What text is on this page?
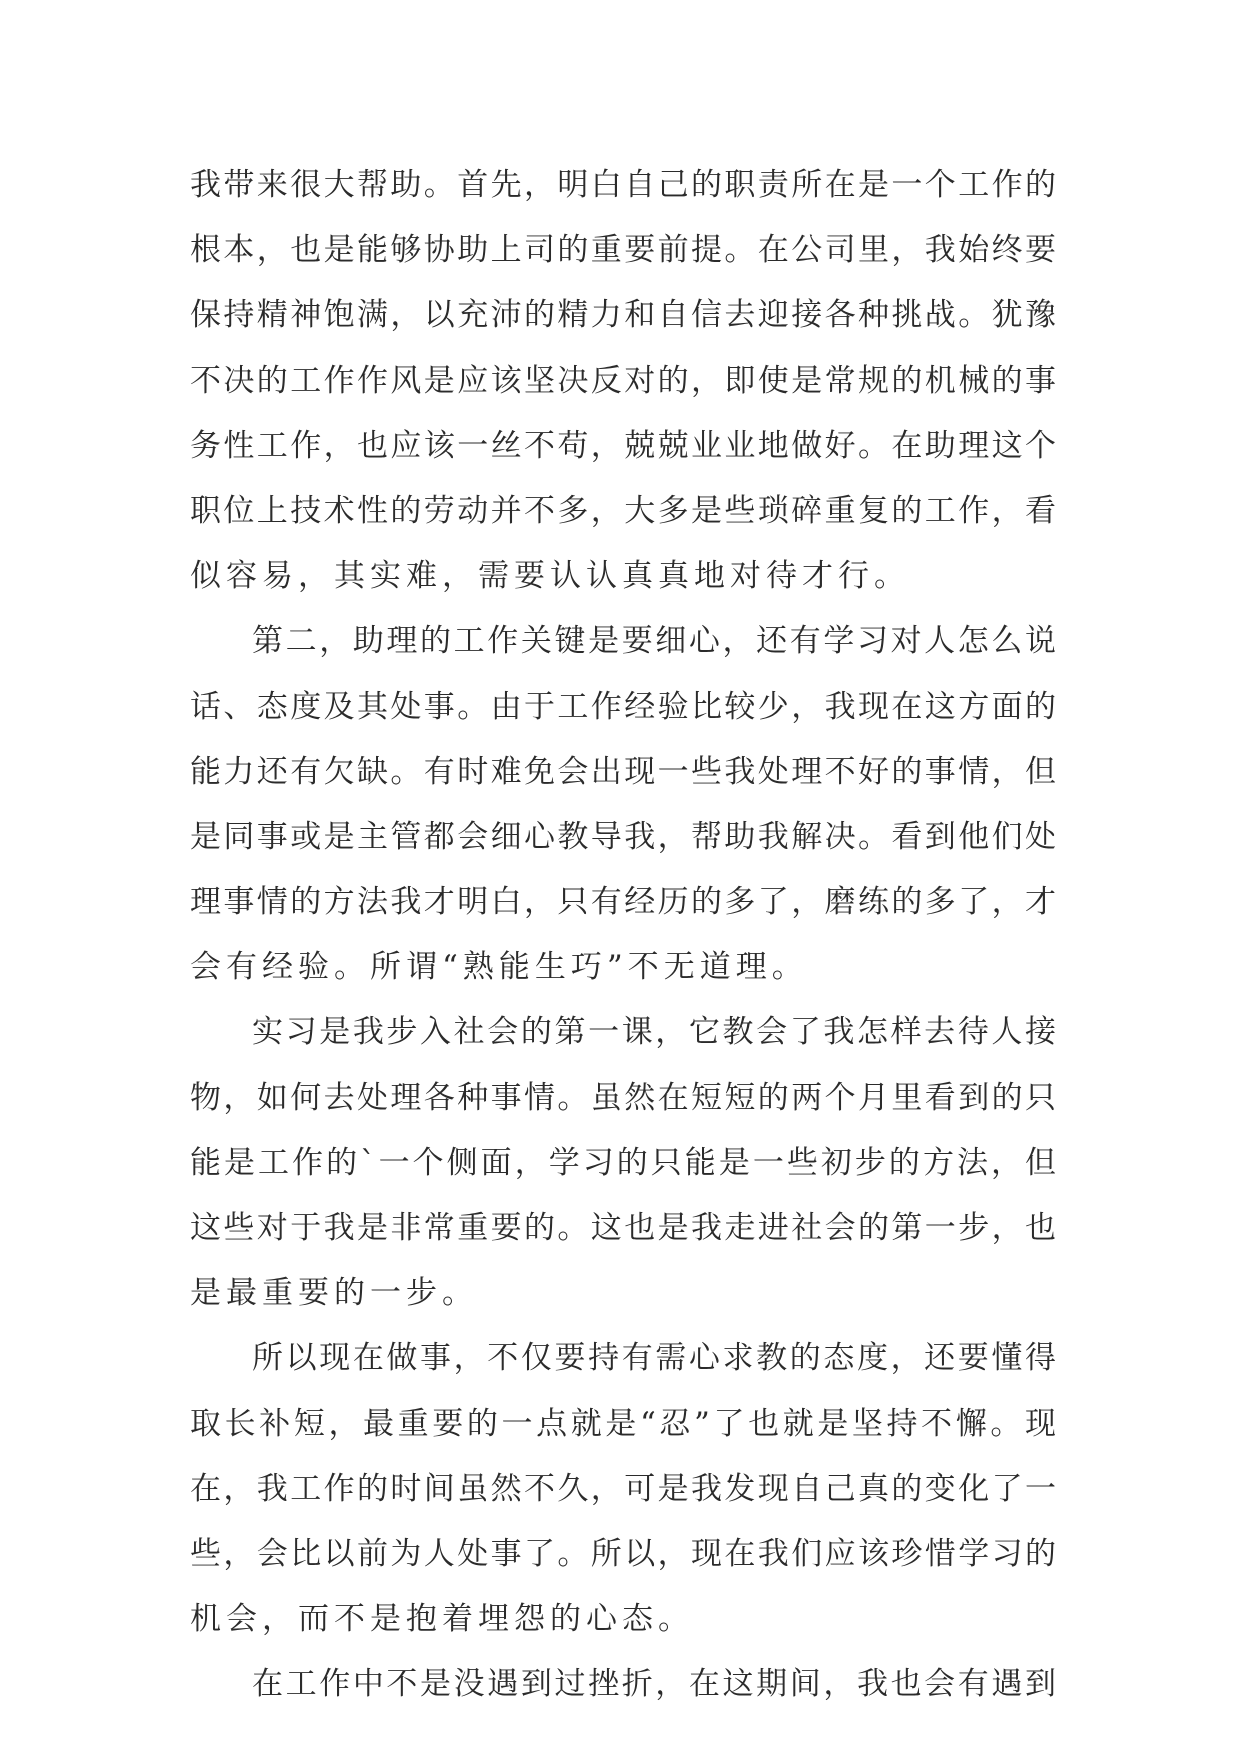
我带来很大帮助。首先，明白自己的职责所在是一个工作的
根本，也是能够协助上司的重要前提。在公司里，我始终要
保持精神饱满，以充沛的精力和自信去迎接各种挑战。犹豫
不决的工作作风是应该坚决反对的，即使是常规的机械的事
务性工作，也应该一丝不苟，兢兢业业地做好。在助理这个
职位上技术性的劳动并不多，大多是些琐碎重复的工作，看
似容易，其实难，需要认认真真地对待才行。
第二，助理的工作关键是要细心，还有学习对人怎么说
话、态度及其处事。由于工作经验比较少，我现在这方面的
能力还有欠缺。有时难免会出现一些我处理不好的事情，但
是同事或是主管都会细心教导我，帮助我解决。看到他们处
理事情的方法我才明白，只有经历的多了，磨练的多了，才
会有经验。所谓“熟能生巧”不无道理。
实习是我步入社会的第一课，它教会了我怎样去待人接
物，如何去处理各种事情。虽然在短短的两个月里看到的只
能是工作的`一个侧面，学习的只能是一些初步的方法，但
这些对于我是非常重要的。这也是我走进社会的第一步，也
是最重要的一步。
所以现在做事，不仅要持有需心求教的态度，还要懂得
取长补短，最重要的一点就是“忍”了也就是坚持不懈。现
在，我工作的时间虽然不久，可是我发现自己真的变化了一
些，会比以前为人处事了。所以，现在我们应该珍惜学习的
机会，而不是抱着埋怨的心态。
在工作中不是没遇到过挫折，在这期间，我也会有遇到
